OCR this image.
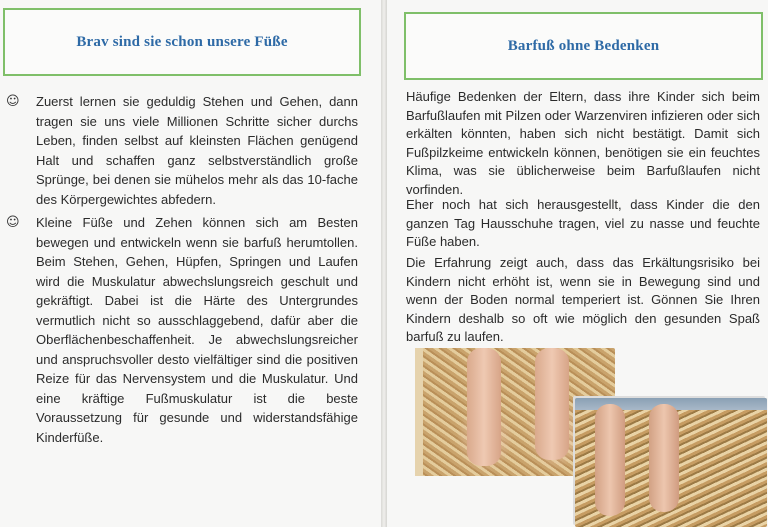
Brav sind sie schon unsere Füße
☺ Zuerst lernen sie geduldig Stehen und Gehen, dann tragen sie uns viele Millionen Schritte sicher durchs Leben, finden selbst auf kleinsten Flächen genügend Halt und schaffen ganz selbstverständlich große Sprünge, bei denen sie mühelos mehr als das 10-fache des Körpergewichtes abfedern.
☺ Kleine Füße und Zehen können sich am Besten bewegen und entwickeln wenn sie barfuß herumtollen. Beim Stehen, Gehen, Hüpfen, Springen und Laufen wird die Muskulatur abwechslungsreich geschult und gekräftigt. Dabei ist die Härte des Untergrundes vermutlich nicht so ausschlaggebend, dafür aber die Oberflächenbeschaffenheit. Je abwechslungsreicher und anspruchsvoller desto vielfältiger sind die positiven Reize für das Nervensystem und die Muskulatur. Und eine kräftige Fußmuskulatur ist die beste Voraussetzung für gesunde und widerstandsfähige Kinderfüße.
Barfuß ohne Bedenken
Häufige Bedenken der Eltern, dass ihre Kinder sich beim Barfußlaufen mit Pilzen oder Warzenviren infizieren oder sich erkälten könnten, haben sich nicht bestätigt. Damit sich Fußpilzkeime entwickeln können, benötigen sie ein feuchtes Klima, was sie üblicherweise beim Barfußlaufen nicht vorfinden.
Eher noch hat sich herausgestellt, dass Kinder die den ganzen Tag Hausschuhe tragen, viel zu nasse und feuchte Füße haben.
Die Erfahrung zeigt auch, dass das Erkältungsrisiko bei Kindern nicht erhöht ist, wenn sie in Bewegung sind und wenn der Boden normal temperiert ist. Gönnen Sie Ihren Kindern deshalb so oft wie möglich den gesunden Spaß barfuß zu laufen.
